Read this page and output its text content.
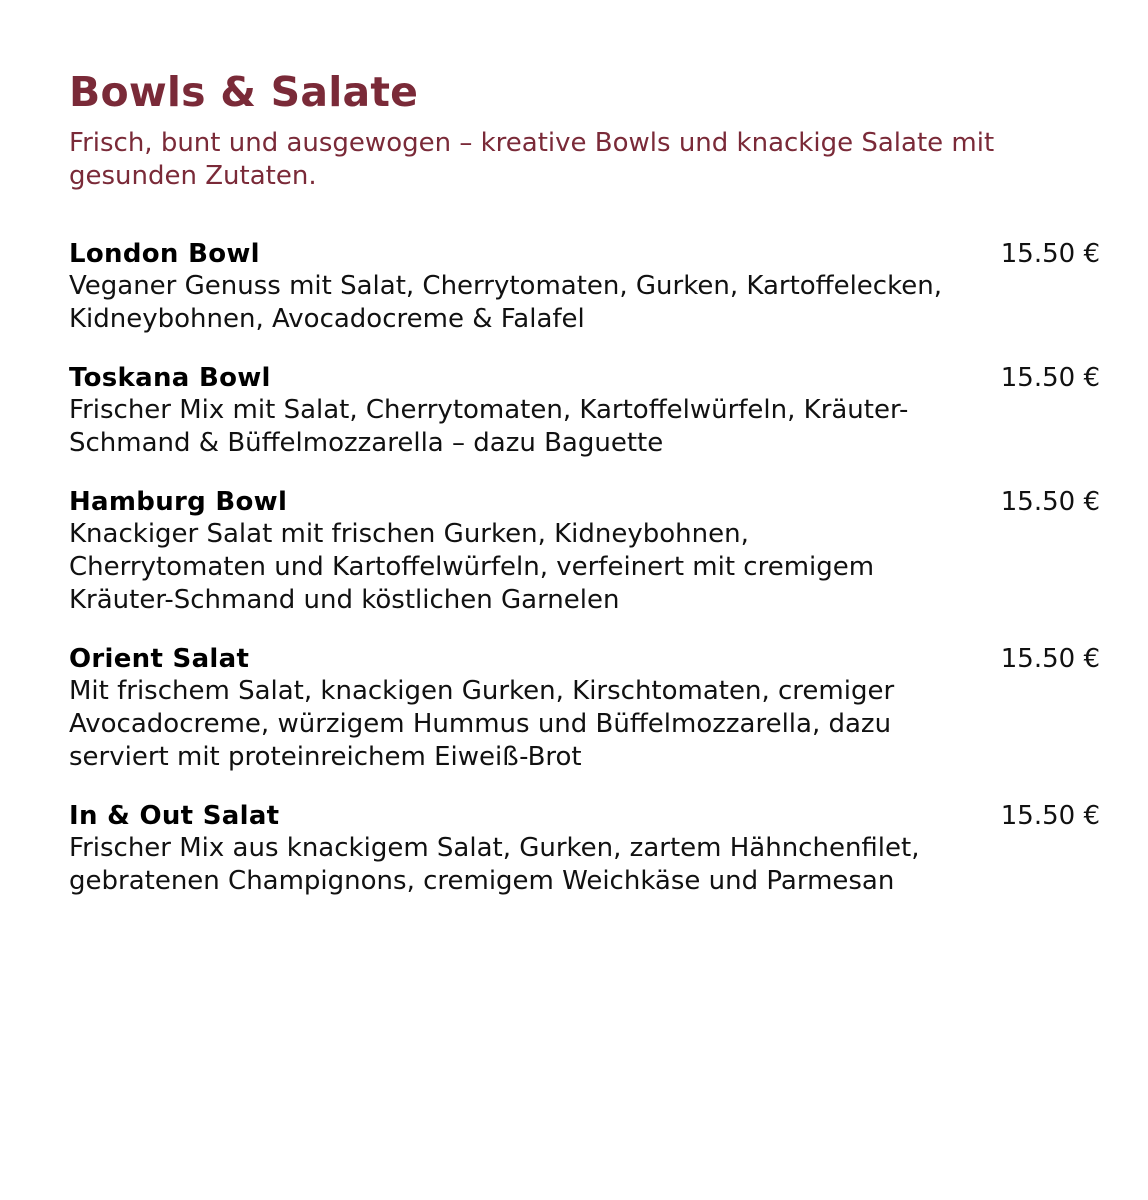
Bowls & Salate

Frisch, bunt und ausgewogen – kreative Bowls und knackige Salate mit gesunden Zutaten.

London Bowl
Veganer Genuss mit Salat, Cherrytomaten, Gurken, Kartoffelecken, Kidneybohnen, Avocadocreme & Falafel
15.50 €
Toskana Bowl
Frischer Mix mit Salat, Cherrytomaten, Kartoffelwürfeln, Kräuter-Schmand & Büffelmozzarella – dazu Baguette
15.50 €
Hamburg Bowl
Knackiger Salat mit frischen Gurken, Kidneybohnen, Cherrytomaten und Kartoffelwürfeln, verfeinert mit cremigem Kräuter-Schmand und köstlichen Garnelen
15.50 €
Orient Salat
Mit frischem Salat, knackigen Gurken, Kirschtomaten, cremiger Avocadocreme, würzigem Hummus und Büffelmozzarella, dazu serviert mit proteinreichem Eiweiß-Brot
15.50 €
In & Out Salat
Frischer Mix aus knackigem Salat, Gurken, zartem Hähnchenfilet, gebratenen Champignons, cremigem Weichkäse und Parmesan
15.50 €
